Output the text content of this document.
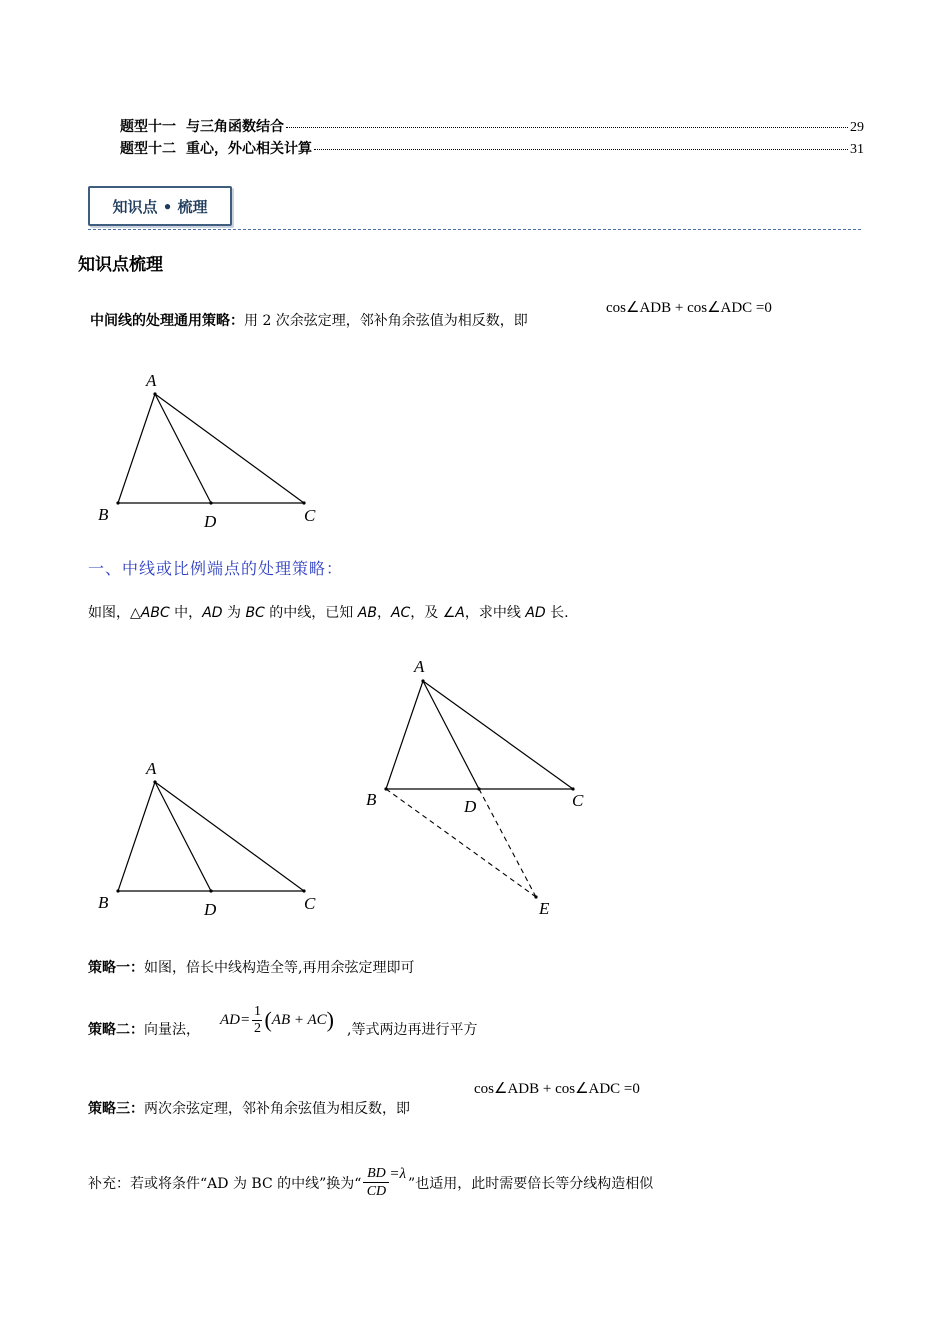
题型十一 与三角函数结合	29
题型十二 重心，外心相关计算	31
知识点 • 梳理
知识点梳理
中间线的处理通用策略：用 2 次余弦定理，邻补角余弦值为相反数，即
cos∠ADB + cos∠ADC =0
A
B	D	C
一、中线或比例端点的处理策略：
如图，△ABC 中，AD 为 BC 的中线，已知 AB，AC，及 ∠A，求中线 AD 长.
A
B	D	C
A
B	D	C
E
策略一：如图，倍长中线构造全等,再用余弦定理即可
策略二：向量法，
AD =
1
2 ( AB + AC ) ,等式两边再进行平方
策略三：两次余弦定理，邻补角余弦值为相反数，即
cos∠ADB + cos∠ADC =0
补充：若或将条件“AD 为 BC 的中线”换为“
BD
CD
=λ
”也适用，此时需要倍长等分线构造相似
